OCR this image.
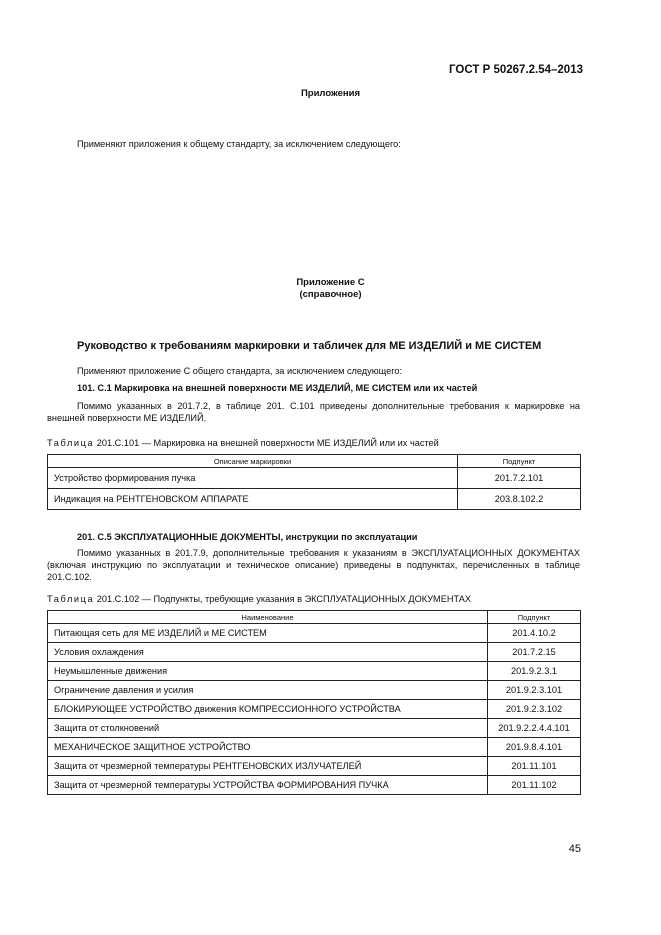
ГОСТ Р 50267.2.54–2013
Приложения
Применяют приложения к общему стандарту, за исключением следующего:
Приложение С
(справочное)
Руководство к требованиям маркировки и табличек для МЕ ИЗДЕЛИЙ и МЕ СИСТЕМ
Применяют приложение С общего стандарта, за исключением следующего:
101. С.1 Маркировка на внешней поверхности МЕ ИЗДЕЛИЙ, МЕ СИСТЕМ или их частей
Помимо указанных в 201.7.2, в таблице 201. С.101 приведены дополнительные требования к маркировке на внешней поверхности МЕ ИЗДЕЛИЙ.
Таблица 201.С.101 — Маркировка на внешней поверхности МЕ ИЗДЕЛИЙ или их частей
Описание маркировки	Подпункт
Устройство формирования пучка	201.7.2.101
Индикация на РЕНТГЕНОВСКОМ АППАРАТЕ	203.8.102.2
201. С.5 ЭКСПЛУАТАЦИОННЫЕ ДОКУМЕНТЫ, инструкции по эксплуатации
Помимо указанных в 201.7.9, дополнительные требования к указаниям в ЭКСПЛУАТАЦИОННЫХ ДОКУМЕНТАХ (включая инструкцию по эксплуатации и техническое описание) приведены в подпунктах, перечисленных в таблице 201.С.102.
Таблица 201.С.102 — Подпункты, требующие указания в ЭКСПЛУАТАЦИОННЫХ ДОКУМЕНТАХ
Наименование	Подпункт
Питающая сеть для МЕ ИЗДЕЛИЙ и МЕ СИСТЕМ	201.4.10.2
Условия охлаждения	201.7.2.15
Неумышленные движения	201.9.2.3.1
Ограничение давления и усилия	201.9.2.3.101
БЛОКИРУЮЩЕЕ УСТРОЙСТВО движения КОМПРЕССИОННОГО УСТРОЙСТВА	201.9.2.3.102
Защита от столкновений	201.9.2.2.4.4.101
МЕХАНИЧЕСКОЕ ЗАЩИТНОЕ УСТРОЙСТВО	201.9.8.4.101
Защита от чрезмерной температуры РЕНТГЕНОВСКИХ ИЗЛУЧАТЕЛЕЙ	201.11.101
Защита от чрезмерной температуры УСТРОЙСТВА ФОРМИРОВАНИЯ ПУЧКА	201.11.102
45
